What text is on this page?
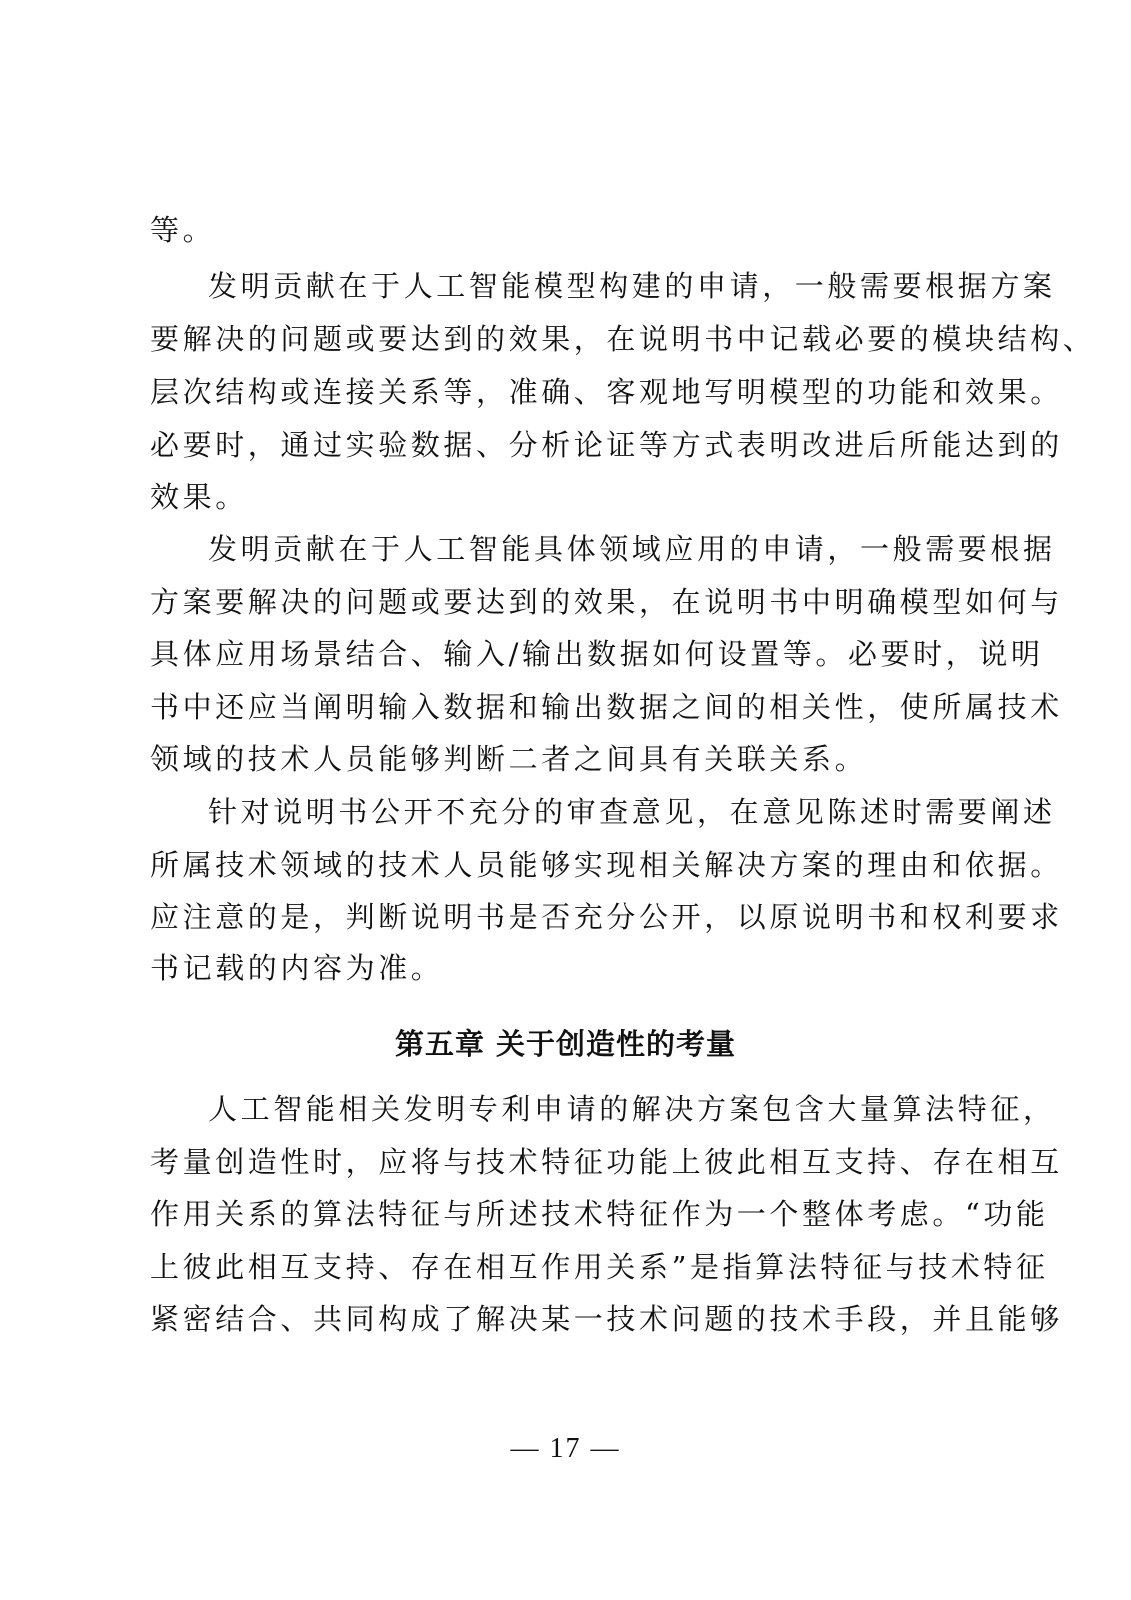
等。
发明贡献在于人工智能模型构建的申请，一般需要根据方案
要解决的问题或要达到的效果，在说明书中记载必要的模块结构、
层次结构或连接关系等，准确、客观地写明模型的功能和效果。
必要时，通过实验数据、分析论证等方式表明改进后所能达到的
效果。
发明贡献在于人工智能具体领域应用的申请，一般需要根据
方案要解决的问题或要达到的效果，在说明书中明确模型如何与
具体应用场景结合、输入/输出数据如何设置等。必要时，说明
书中还应当阐明输入数据和输出数据之间的相关性，使所属技术
领域的技术人员能够判断二者之间具有关联关系。
针对说明书公开不充分的审查意见，在意见陈述时需要阐述
所属技术领域的技术人员能够实现相关解决方案的理由和依据。
应注意的是，判断说明书是否充分公开，以原说明书和权利要求
书记载的内容为准。
第五章 关于创造性的考量
人工智能相关发明专利申请的解决方案包含大量算法特征，
考量创造性时，应将与技术特征功能上彼此相互支持、存在相互
作用关系的算法特征与所述技术特征作为一个整体考虑。“功能
上彼此相互支持、存在相互作用关系”是指算法特征与技术特征
紧密结合、共同构成了解决某一技术问题的技术手段，并且能够
— 17 —
